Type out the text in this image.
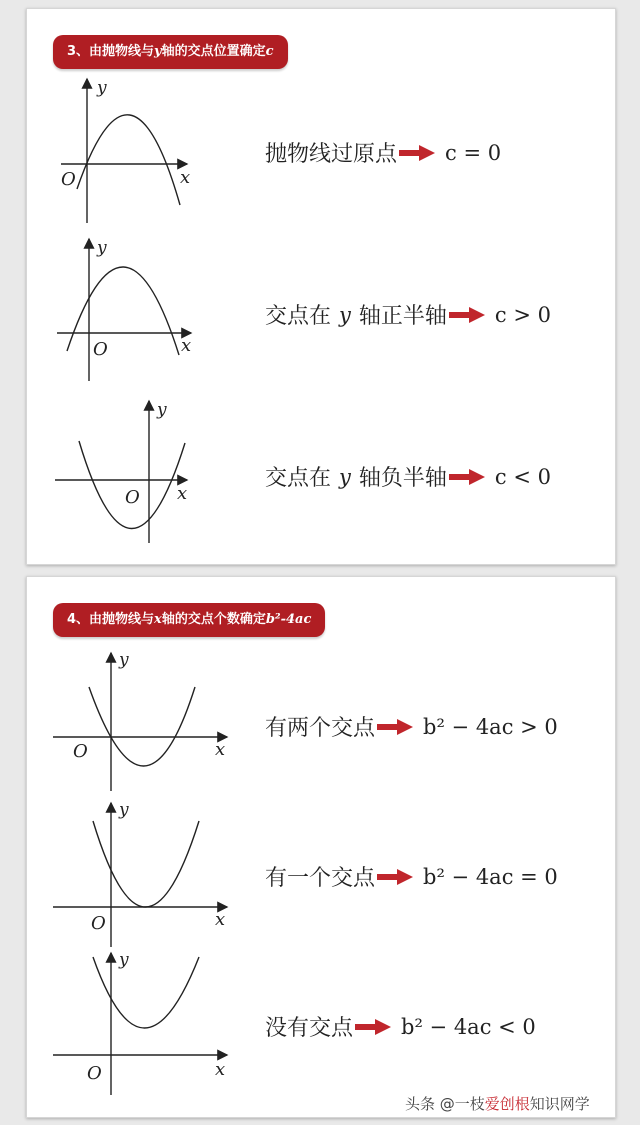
3、由抛物线与y轴的交点位置确定c
O	x
y
抛物线过原点 c = 0
O	x
y
交点在 y 轴正半轴 c > 0
O x
y
交点在 y 轴负半轴 c < 0
4、由抛物线与x轴的交点个数确定b²-4ac
O	x
y
有两个交点 b² − 4ac > 0
O	x
y
有一个交点 b² − 4ac = 0
O	x
y
没有交点 b² − 4ac < 0
头条 @一枝爱创根知识网学
